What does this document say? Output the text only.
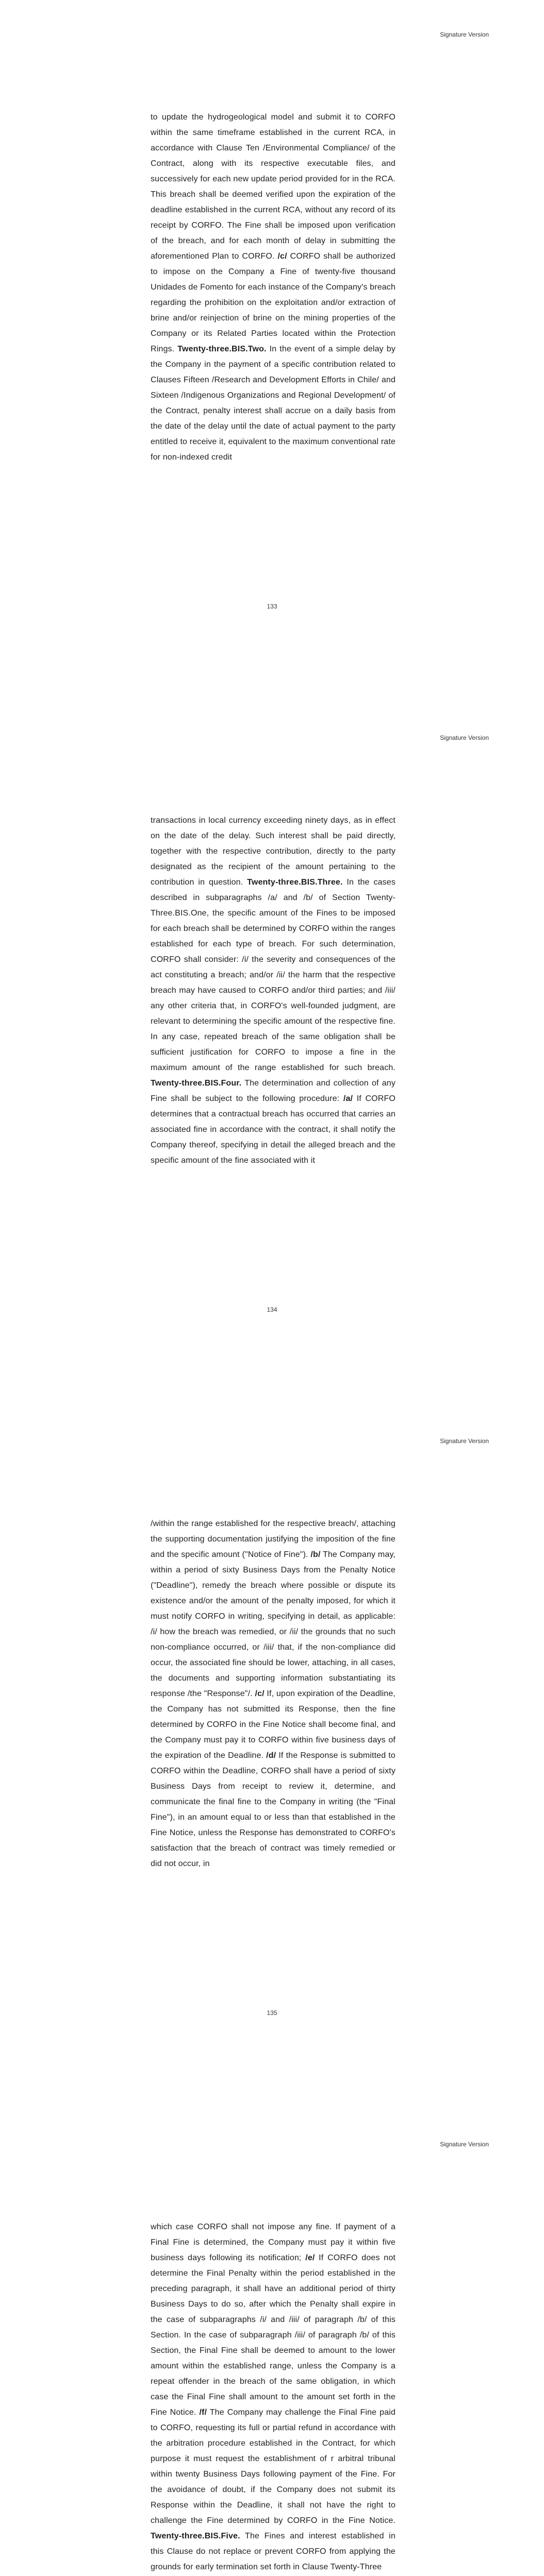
Signature Version
to update the hydrogeological model and submit it to CORFO within the same timeframe established in the current RCA, in accordance with Clause Ten /Environmental Compliance/ of the Contract, along with its respective executable files, and successively for each new update period provided for in the RCA. This breach shall be deemed verified upon the expiration of the deadline established in the current RCA, without any record of its receipt by CORFO. The Fine shall be imposed upon verification of the breach, and for each month of delay in submitting the aforementioned Plan to CORFO. /c/ CORFO shall be authorized to impose on the Company a Fine of twenty-five thousand Unidades de Fomento for each instance of the Company's breach regarding the prohibition on the exploitation and/or extraction of brine and/or reinjection of brine on the mining properties of the Company or its Related Parties located within the Protection Rings. Twenty-three.BIS.Two. In the event of a simple delay by the Company in the payment of a specific contribution related to Clauses Fifteen /Research and Development Efforts in Chile/ and Sixteen /Indigenous Organizations and Regional Development/ of the Contract, penalty interest shall accrue on a daily basis from the date of the delay until the date of actual payment to the party entitled to receive it, equivalent to the maximum conventional rate for non-indexed credit
133
Signature Version
transactions in local currency exceeding ninety days, as in effect on the date of the delay. Such interest shall be paid directly, together with the respective contribution, directly to the party designated as the recipient of the amount pertaining to the contribution in question. Twenty-three.BIS.Three. In the cases described in subparagraphs /a/ and /b/ of Section Twenty-Three.BIS.One, the specific amount of the Fines to be imposed for each breach shall be determined by CORFO within the ranges established for each type of breach. For such determination, CORFO shall consider: /i/ the severity and consequences of the act constituting a breach; and/or /ii/ the harm that the respective breach may have caused to CORFO and/or third parties; and /iii/ any other criteria that, in CORFO's well-founded judgment, are relevant to determining the specific amount of the respective fine. In any case, repeated breach of the same obligation shall be sufficient justification for CORFO to impose a fine in the maximum amount of the range established for such breach. Twenty-three.BIS.Four. The determination and collection of any Fine shall be subject to the following procedure: /a/ If CORFO determines that a contractual breach has occurred that carries an associated fine in accordance with the contract, it shall notify the Company thereof, specifying in detail the alleged breach and the specific amount of the fine associated with it
134
Signature Version
/within the range established for the respective breach/, attaching the supporting documentation justifying the imposition of the fine and the specific amount ("Notice of Fine"). /b/ The Company may, within a period of sixty Business Days from the Penalty Notice ("Deadline"), remedy the breach where possible or dispute its existence and/or the amount of the penalty imposed, for which it must notify CORFO in writing, specifying in detail, as applicable: /i/ how the breach was remedied, or /ii/ the grounds that no such non-compliance occurred, or /iii/ that, if the non-compliance did occur, the associated fine should be lower, attaching, in all cases, the documents and supporting information substantiating its response /the "Response"/. /c/ If, upon expiration of the Deadline, the Company has not submitted its Response, then the fine determined by CORFO in the Fine Notice shall become final, and the Company must pay it to CORFO within five business days of the expiration of the Deadline. /d/ If the Response is submitted to CORFO within the Deadline, CORFO shall have a period of sixty Business Days from receipt to review it, determine, and communicate the final fine to the Company in writing (the "Final Fine"), in an amount equal to or less than that established in the Fine Notice, unless the Response has demonstrated to CORFO's satisfaction that the breach of contract was timely remedied or did not occur, in
135
Signature Version
which case CORFO shall not impose any fine. If payment of a Final Fine is determined, the Company must pay it within five business days following its notification; /e/ If CORFO does not determine the Final Penalty within the period established in the preceding paragraph, it shall have an additional period of thirty Business Days to do so, after which the Penalty shall expire in the case of subparagraphs /i/ and /iii/ of paragraph /b/ of this Section. In the case of subparagraph /iii/ of paragraph /b/ of this Section, the Final Fine shall be deemed to amount to the lower amount within the established range, unless the Company is a repeat offender in the breach of the same obligation, in which case the Final Fine shall amount to the amount set forth in the Fine Notice. /f/ The Company may challenge the Final Fine paid to CORFO, requesting its full or partial refund in accordance with the arbitration procedure established in the Contract, for which purpose it must request the establishment of r arbitral tribunal within twenty Business Days following payment of the Fine. For the avoidance of doubt, if the Company does not submit its Response within the Deadline, it shall not have the right to challenge the Fine determined by CORFO in the Fine Notice. Twenty-three.BIS.Five. The Fines and interest established in this Clause do not replace or prevent CORFO from applying the grounds for early termination set forth in Clause Twenty-Three
